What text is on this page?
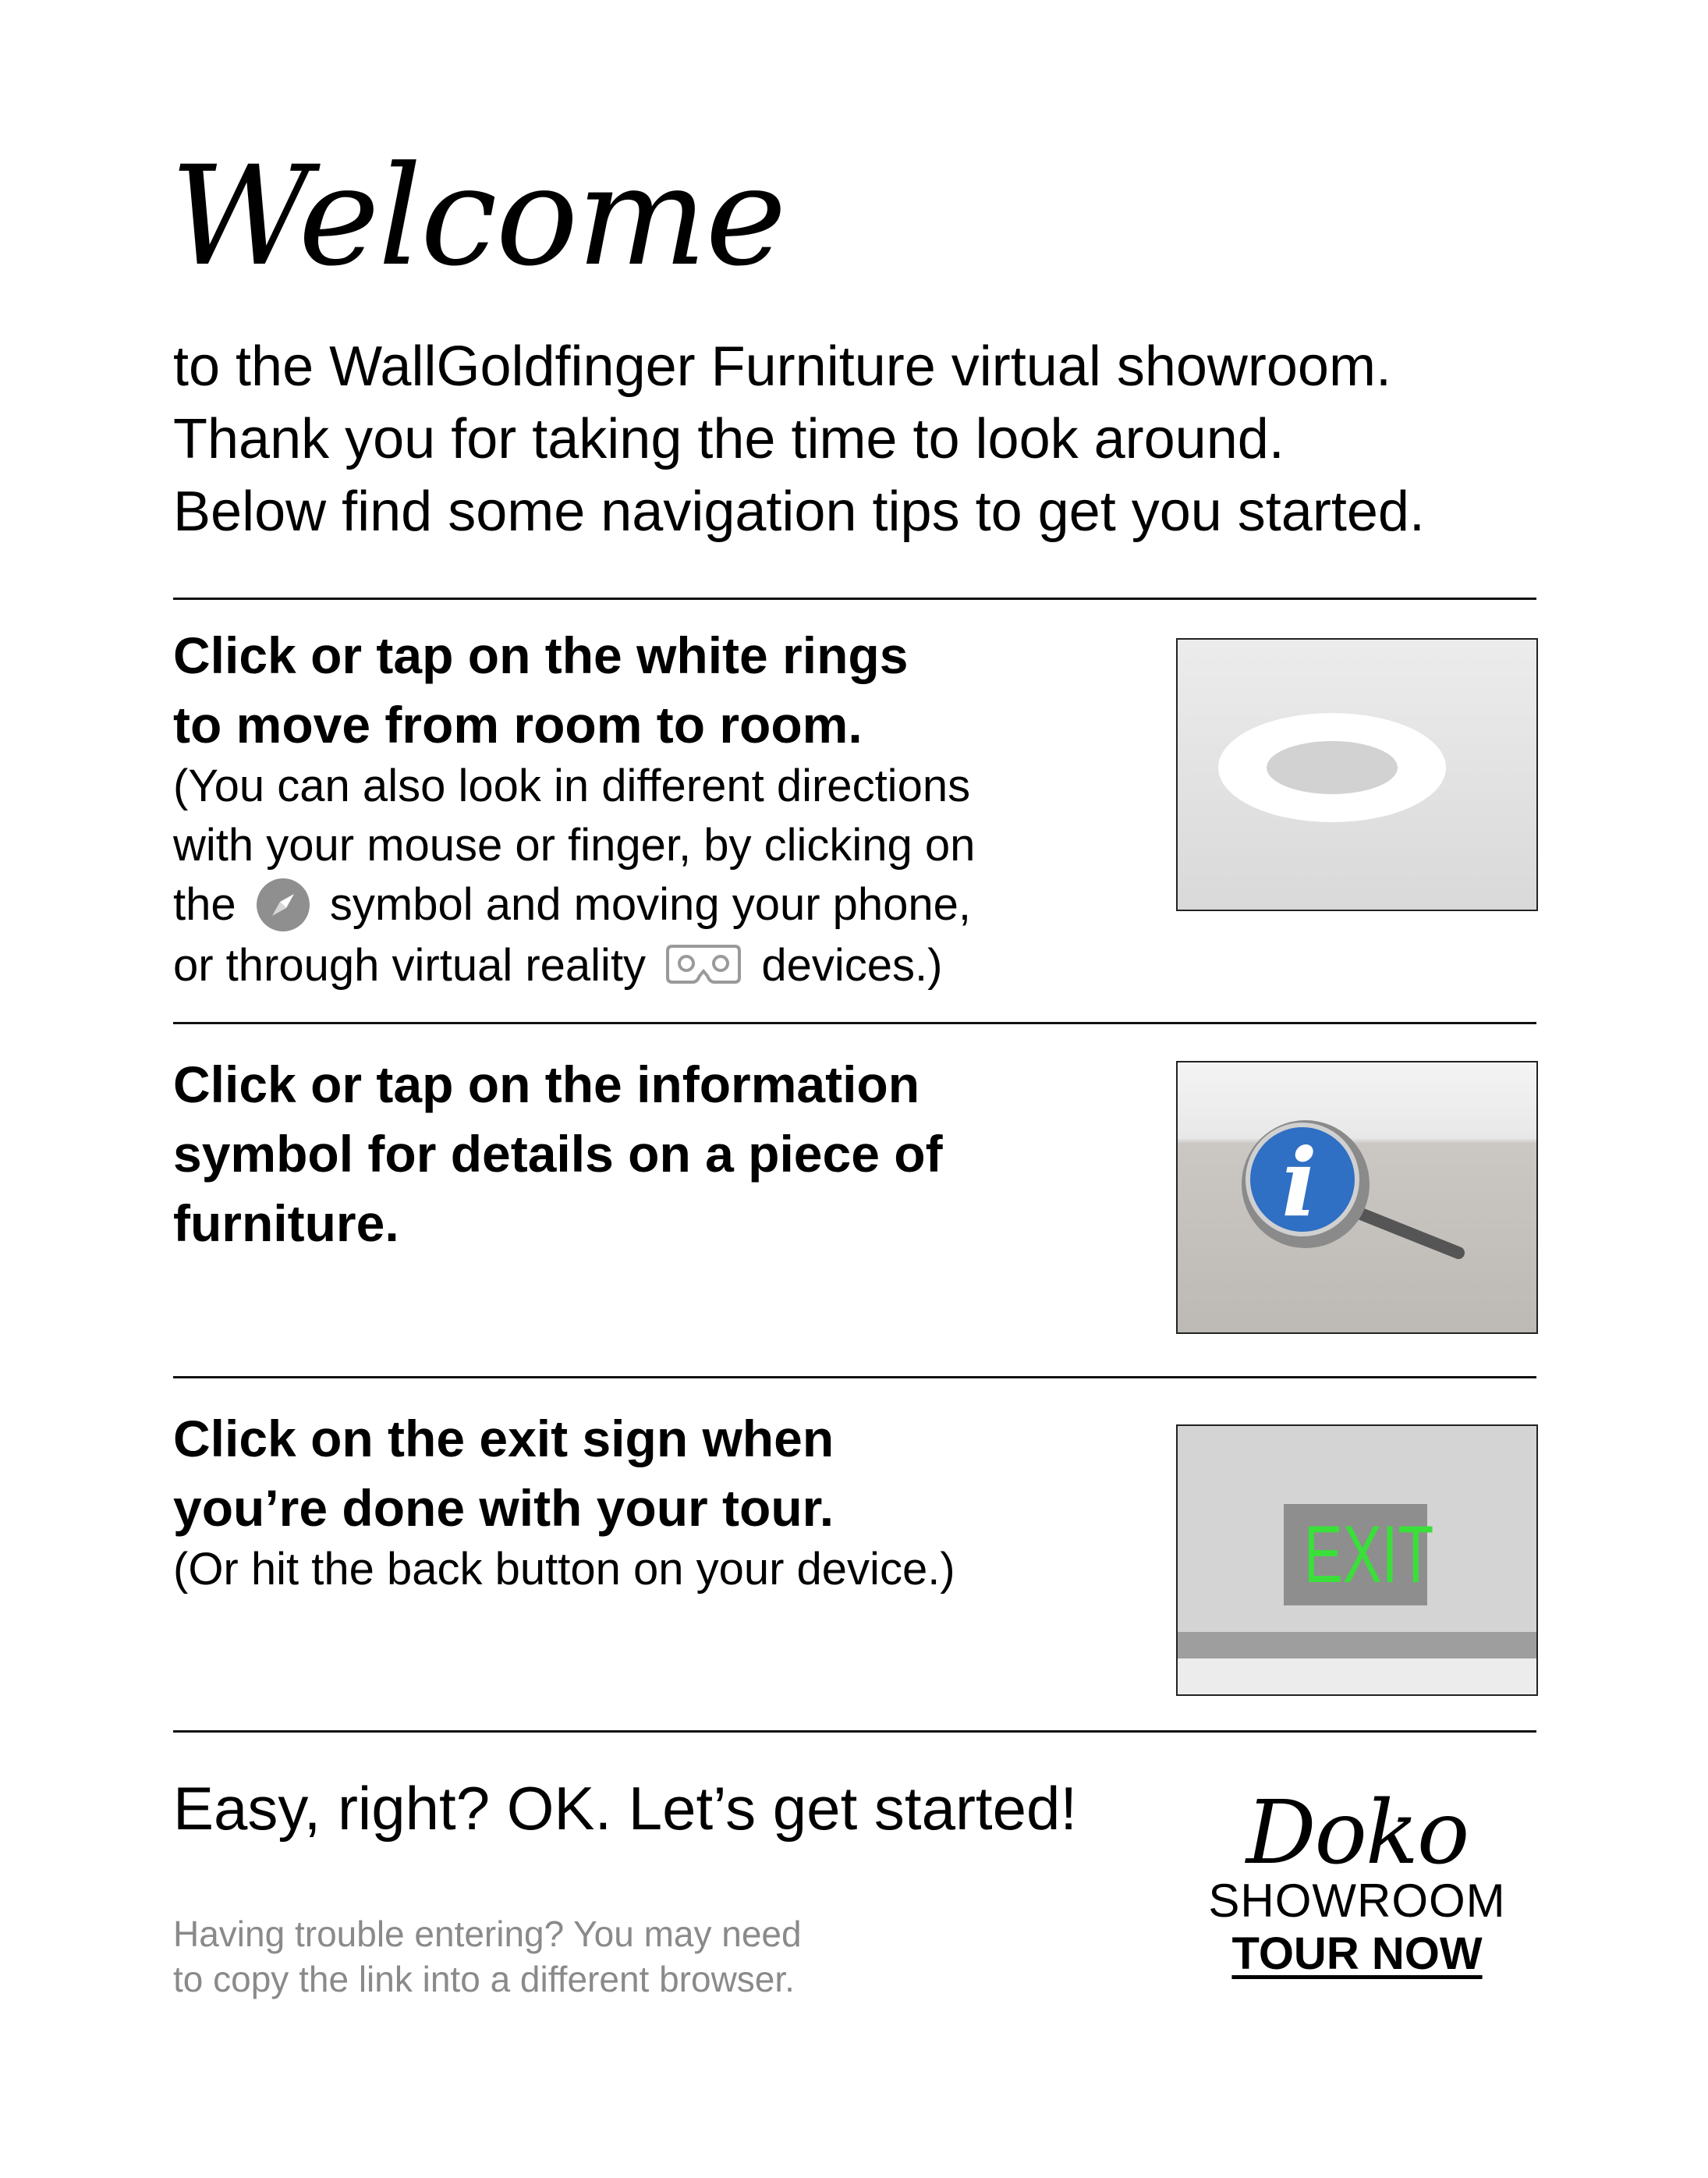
Welcome
to the WallGoldfinger Furniture virtual showroom.
Thank you for taking the time to look around.
Below find some navigation tips to get you started.
Click or tap on the white rings
to move from room to room.
(You can also look in different directions
with your mouse or finger, by clicking on
the symbol and moving your phone,
or through virtual reality	devices.)
Click or tap on the information
symbol for details on a piece of
furniture.	i
Click on the exit sign when
you’re done with your tour.
(Or hit the back button on your device.)	EXIT
Easy, right? OK. Let’s get started!
Having trouble entering? You may need
to copy the link into a different browser.
Doko
SHOWROOM
TOUR NOW
